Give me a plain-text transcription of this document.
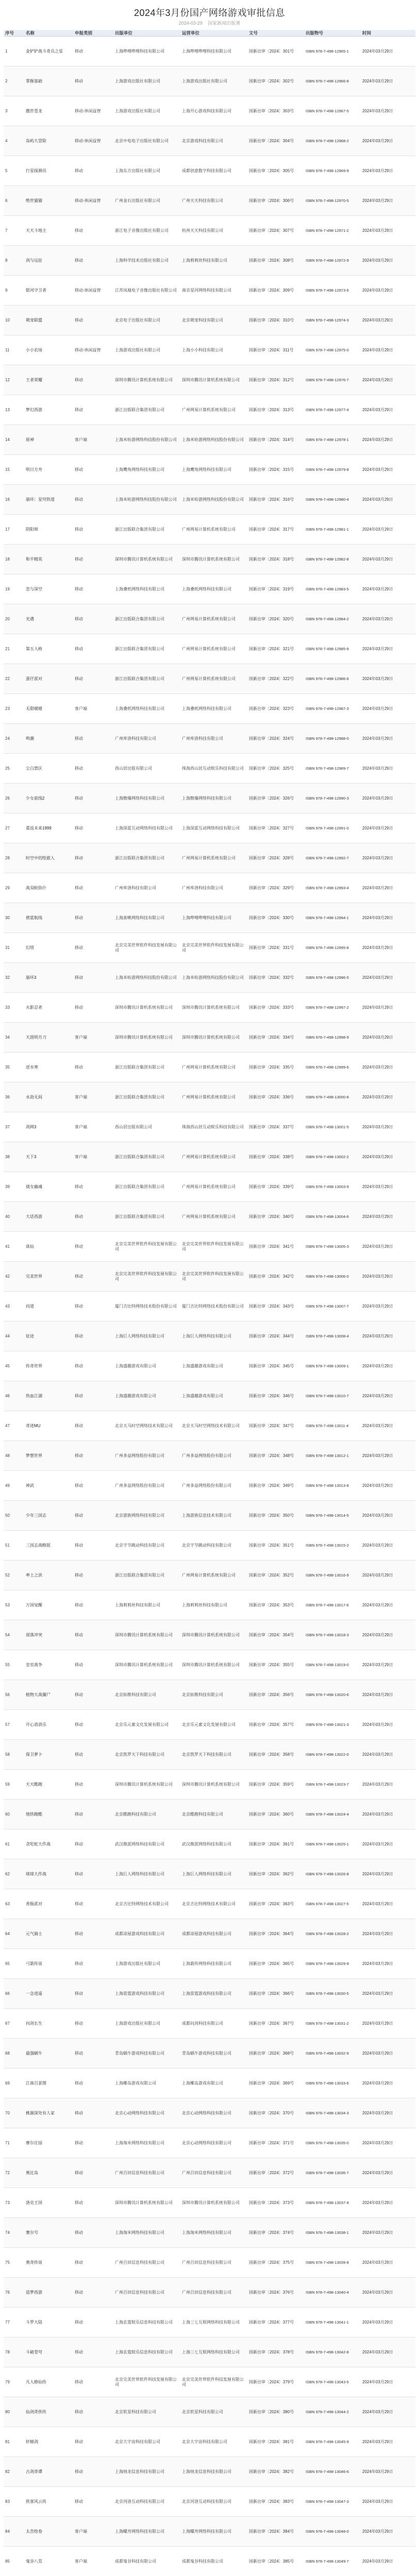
2024年3月份国产网络游戏审批信息
2024-03-29 国家新闻出版署
序号	名称	申报类别	出版单位	运营单位	文号	出版物号	时间
1	金铲铲战斗奇兵之星	移动	上海哔哩哔哩科技有限公司	上海哔哩哔哩科技有限公司	国新出审〔2024〕301号	ISBN 978-7-498-12965-1	2024年03月29日
2	掌握基础	移动	上海游戏出版社有限公司	上海游戏出版社有限公司	国新出审〔2024〕302号	ISBN 978-7-498-12966-8	2024年03月29日
3	傲世苍龙	移动-休闲益智	上海游戏出版社有限公司	上海开心游戏科技有限公司	国新出审〔2024〕303号	ISBN 978-7-498-12967-5	2024年03月29日
4	岛屿大冒险	移动-休闲益智	北京中电电子出版社有限公司	北京游戏科技有限公司	国新出审〔2024〕304号	ISBN 978-7-498-12968-2	2024年03月29日
5	行星探测员	移动	上海东方出版社有限公司	成都创意数字科技有限公司	国新出审〔2024〕305号	ISBN 978-7-498-12969-9	2024年03月29日
6	绝世猫猫	移动-休闲益智	广州金石出版社有限公司	广州天天科技有限公司	国新出审〔2024〕306号	ISBN 978-7-498-12970-5	2024年03月29日
7	天天斗地主	移动	浙江电子音像出版社有限公司	杭州天天科技有限公司	国新出审〔2024〕307号	ISBN 978-7-498-12971-2	2024年03月29日
8	剑与远征	移动	上海科学技术出版社有限公司	上海莉莉丝科技有限公司	国新出审〔2024〕308号	ISBN 978-7-498-12972-9	2024年03月29日
9	银河守卫者	移动-休闲益智	江苏凤凰电子音像出版社有限公司	南京星河网络科技有限公司	国新出审〔2024〕309号	ISBN 978-7-498-12973-6	2024年03月29日
10	萌宠联盟	移动	北京电子出版社有限公司	北京萌宠科技有限公司	国新出审〔2024〕310号	ISBN 978-7-498-12974-3	2024年03月29日
11	小小农场	移动-休闲益智	上海游戏出版社有限公司	上海小小科技有限公司	国新出审〔2024〕311号	ISBN 978-7-498-12975-0	2024年03月29日
12	王者荣耀	移动	深圳市腾讯计算机系统有限公司	深圳市腾讯计算机系统有限公司	国新出审〔2024〕312号	ISBN 978-7-498-12976-7	2024年03月29日
13	梦幻西游	移动	浙江出版联合集团有限公司	广州网易计算机系统有限公司	国新出审〔2024〕313号	ISBN 978-7-498-12977-4	2024年03月29日
14	原神	客户端	上海米哈游网络科技股份有限公司	上海米哈游网络科技股份有限公司	国新出审〔2024〕314号	ISBN 978-7-498-12978-1	2024年03月29日
15	明日方舟	移动	上海鹰角网络科技有限公司	上海鹰角网络科技有限公司	国新出审〔2024〕315号	ISBN 978-7-498-12979-8	2024年03月29日
16	崩坏：星穹铁道	移动	上海米哈游网络科技股份有限公司	上海米哈游网络科技股份有限公司	国新出审〔2024〕316号	ISBN 978-7-498-12980-4	2024年03月29日
17	阴阳师	移动	浙江出版联合集团有限公司	广州网易计算机系统有限公司	国新出审〔2024〕317号	ISBN 978-7-498-12981-1	2024年03月29日
18	和平精英	移动	深圳市腾讯计算机系统有限公司	深圳市腾讯计算机系统有限公司	国新出审〔2024〕318号	ISBN 978-7-498-12982-8	2024年03月29日
19	恋与深空	移动	上海叠纸网络科技有限公司	上海叠纸网络科技有限公司	国新出审〔2024〕319号	ISBN 978-7-498-12983-5	2024年03月29日
20	光遇	移动	浙江出版联合集团有限公司	广州网易计算机系统有限公司	国新出审〔2024〕320号	ISBN 978-7-498-12984-2	2024年03月29日
21	第五人格	移动	浙江出版联合集团有限公司	广州网易计算机系统有限公司	国新出审〔2024〕321号	ISBN 978-7-498-12985-9	2024年03月29日
22	蛋仔派对	移动	浙江出版联合集团有限公司	广州网易计算机系统有限公司	国新出审〔2024〕322号	ISBN 978-7-498-12986-6	2024年03月29日
23	无限暖暖	客户端	上海叠纸网络科技有限公司	上海叠纸网络科技有限公司	国新出审〔2024〕323号	ISBN 978-7-498-12987-3	2024年03月29日
24	鸣潮	移动	广州库洛科技有限公司	广州库洛科技有限公司	国新出审〔2024〕324号	ISBN 978-7-498-12988-0	2024年03月29日
25	尘白禁区	移动	西山居出版有限公司	珠海西山居互动娱乐科技有限公司	国新出审〔2024〕325号	ISBN 978-7-498-12989-7	2024年03月29日
26	少女前线2	移动	上海散爆网络科技有限公司	上海散爆网络科技有限公司	国新出审〔2024〕326号	ISBN 978-7-498-12990-3	2024年03月29日
27	重返未来1999	移动	上海深蓝互动网络科技有限公司	上海深蓝互动网络科技有限公司	国新出审〔2024〕327号	ISBN 978-7-498-12991-0	2024年03月29日
28	时空中的绘旅人	移动	浙江出版联合集团有限公司	广州网易计算机系统有限公司	国新出审〔2024〕328号	ISBN 978-7-498-12992-7	2024年03月29日
29	战双帕弥什	移动	广州库洛科技有限公司	广州库洛科技有限公司	国新出审〔2024〕329号	ISBN 978-7-498-12993-4	2024年03月29日
30	碧蓝航线	移动	上海蛮啾网络科技有限公司	上海哔哩哔哩科技有限公司	国新出审〔2024〕330号	ISBN 978-7-498-12994-1	2024年03月29日
31	幻塔	移动	北京完美世界软件科技发展有限公司	北京完美世界软件科技发展有限公司	国新出审〔2024〕331号	ISBN 978-7-498-12995-8	2024年03月29日
32	崩坏3	移动	上海米哈游网络科技股份有限公司	上海米哈游网络科技股份有限公司	国新出审〔2024〕332号	ISBN 978-7-498-12996-5	2024年03月29日
33	火影忍者	移动	深圳市腾讯计算机系统有限公司	深圳市腾讯计算机系统有限公司	国新出审〔2024〕333号	ISBN 978-7-498-12997-2	2024年03月29日
34	天涯明月刀	客户端	深圳市腾讯计算机系统有限公司	深圳市腾讯计算机系统有限公司	国新出审〔2024〕334号	ISBN 978-7-498-12998-9	2024年03月29日
35	逆水寒	移动	浙江出版联合集团有限公司	广州网易计算机系统有限公司	国新出审〔2024〕335号	ISBN 978-7-498-12999-6	2024年03月29日
36	永劫无间	客户端	浙江出版联合集团有限公司	广州网易计算机系统有限公司	国新出审〔2024〕336号	ISBN 978-7-498-13000-8	2024年03月29日
37	剑网3	客户端	西山居出版有限公司	珠海西山居互动娱乐科技有限公司	国新出审〔2024〕337号	ISBN 978-7-498-13001-5	2024年03月29日
38	天下3	客户端	浙江出版联合集团有限公司	广州网易计算机系统有限公司	国新出审〔2024〕338号	ISBN 978-7-498-13002-2	2024年03月29日
39	倩女幽魂	移动	浙江出版联合集团有限公司	广州网易计算机系统有限公司	国新出审〔2024〕339号	ISBN 978-7-498-13003-9	2024年03月29日
40	大话西游	移动	浙江出版联合集团有限公司	广州网易计算机系统有限公司	国新出审〔2024〕340号	ISBN 978-7-498-13004-6	2024年03月29日
41	诛仙	移动	北京完美世界软件科技发展有限公司	北京完美世界软件科技发展有限公司	国新出审〔2024〕341号	ISBN 978-7-498-13005-3	2024年03月29日
42	完美世界	移动	北京完美世界软件科技发展有限公司	北京完美世界软件科技发展有限公司	国新出审〔2024〕342号	ISBN 978-7-498-13006-0	2024年03月29日
43	问道	移动	厦门吉比特网络技术股份有限公司	厦门吉比特网络技术股份有限公司	国新出审〔2024〕343号	ISBN 978-7-498-13007-7	2024年03月29日
44	征途	移动	上海巨人网络科技有限公司	上海巨人网络科技有限公司	国新出审〔2024〕344号	ISBN 978-7-498-13008-4	2024年03月29日
45	传奇世界	移动	上海盛趣游戏有限公司	上海盛趣游戏有限公司	国新出审〔2024〕345号	ISBN 978-7-498-13009-1	2024年03月29日
46	热血江湖	移动	上海盛趣游戏有限公司	上海盛趣游戏有限公司	国新出审〔2024〕346号	ISBN 978-7-498-13010-7	2024年03月29日
47	奇迹MU	移动	北京天马时空网络技术有限公司	北京天马时空网络技术有限公司	国新出审〔2024〕347号	ISBN 978-7-498-13011-4	2024年03月29日
48	梦想世界	移动	广州多益网络股份有限公司	广州多益网络股份有限公司	国新出审〔2024〕348号	ISBN 978-7-498-13012-1	2024年03月29日
49	神武	移动	广州多益网络股份有限公司	广州多益网络股份有限公司	国新出审〔2024〕349号	ISBN 978-7-498-13013-8	2024年03月29日
50	少年三国志	移动	北京游族网络科技有限公司	上海游族信息技术有限公司	国新出审〔2024〕350号	ISBN 978-7-498-13014-5	2024年03月29日
51	三国志战略版	移动	北京字节跳动科技有限公司	北京字节跳动科技有限公司	国新出审〔2024〕351号	ISBN 978-7-498-13015-2	2024年03月29日
52	率土之滨	移动	浙江出版联合集团有限公司	广州网易计算机系统有限公司	国新出审〔2024〕352号	ISBN 978-7-498-13016-9	2024年03月29日
53	万国觉醒	移动	上海莉莉丝科技有限公司	上海莉莉丝科技有限公司	国新出审〔2024〕353号	ISBN 978-7-498-13017-6	2024年03月29日
54	部落冲突	移动	深圳市腾讯计算机系统有限公司	深圳市腾讯计算机系统有限公司	国新出审〔2024〕354号	ISBN 978-7-498-13018-3	2024年03月29日
55	皇室战争	移动	深圳市腾讯计算机系统有限公司	深圳市腾讯计算机系统有限公司	国新出审〔2024〕355号	ISBN 978-7-498-13019-0	2024年03月29日
56	植物大战僵尸	移动	北京拓维科技有限公司	北京拓维科技有限公司	国新出审〔2024〕356号	ISBN 978-7-498-13020-6	2024年03月29日
57	开心消消乐	移动	北京乐元素文化发展有限公司	北京乐元素文化发展有限公司	国新出审〔2024〕357号	ISBN 978-7-498-13021-3	2024年03月29日
58	保卫萝卜	移动	北京凯罗天下科技有限公司	北京凯罗天下科技有限公司	国新出审〔2024〕358号	ISBN 978-7-498-13022-0	2024年03月29日
59	天天酷跑	移动	深圳市腾讯计算机系统有限公司	深圳市腾讯计算机系统有限公司	国新出审〔2024〕359号	ISBN 978-7-498-13023-7	2024年03月29日
60	地铁跑酷	移动	北京酷跑科技有限公司	北京酷跑科技有限公司	国新出审〔2024〕360号	ISBN 978-7-498-13024-4	2024年03月29日
61	贪吃蛇大作战	移动	武汉微派网络科技有限公司	武汉微派网络科技有限公司	国新出审〔2024〕361号	ISBN 978-7-498-13025-1	2024年03月29日
62	球球大作战	移动	上海巨人网络科技有限公司	上海巨人网络科技有限公司	国新出审〔2024〕362号	ISBN 978-7-498-13026-8	2024年03月29日
63	香肠派对	移动	北京吉比特网络技术有限公司	北京吉比特网络技术有限公司	国新出审〔2024〕363号	ISBN 978-7-498-13027-5	2024年03月29日
64	元气骑士	移动	成都凉屋游戏科技有限公司	成都凉屋游戏科技有限公司	国新出审〔2024〕364号	ISBN 978-7-498-13028-2	2024年03月29日
65	弓箭传说	移动	上海游戏出版社有限公司	上海箭传网络科技有限公司	国新出审〔2024〕365号	ISBN 978-7-498-13029-9	2024年03月29日
66	一念逍遥	移动	上海雷霆游戏科技有限公司	上海雷霆游戏科技有限公司	国新出审〔2024〕366号	ISBN 978-7-498-13030-5	2024年03月29日
67	问剑长生	移动	上海游戏出版社有限公司	成都问剑科技有限公司	国新出审〔2024〕367号	ISBN 978-7-498-13031-2	2024年03月29日
68	最强蜗牛	移动	青岛蜗牛游戏科技有限公司	青岛蜗牛游戏科技有限公司	国新出审〔2024〕368号	ISBN 978-7-498-13032-9	2024年03月29日
69	江南百景图	移动	上海椰岛游戏有限公司	上海椰岛游戏有限公司	国新出审〔2024〕369号	ISBN 978-7-498-13033-6	2024年03月29日
70	桃源深处有人家	移动	北京心动网络科技有限公司	北京心动网络科技有限公司	国新出审〔2024〕370号	ISBN 978-7-498-13034-3	2024年03月29日
71	摩尔庄园	移动	上海淘米网络科技有限公司	北京心动网络科技有限公司	国新出审〔2024〕371号	ISBN 978-7-498-13035-0	2024年03月29日
72	奥比岛	移动	广州百田信息科技有限公司	广州百田信息科技有限公司	国新出审〔2024〕372号	ISBN 978-7-498-13036-7	2024年03月29日
73	洛克王国	移动	深圳市腾讯计算机系统有限公司	深圳市腾讯计算机系统有限公司	国新出审〔2024〕373号	ISBN 978-7-498-13037-4	2024年03月29日
74	赛尔号	移动	上海淘米网络科技有限公司	上海淘米网络科技有限公司	国新出审〔2024〕374号	ISBN 978-7-498-13038-1	2024年03月29日
75	奥奇传说	移动	广州百田信息科技有限公司	广州百田信息科技有限公司	国新出审〔2024〕375号	ISBN 978-7-498-13039-8	2024年03月29日
76	造梦西游	移动	广州百田信息科技有限公司	广州百田信息科技有限公司	国新出审〔2024〕376号	ISBN 978-7-498-13040-4	2024年03月29日
77	斗罗大陆	移动	上海玄霆娱乐信息科技有限公司	上海三七互娱网络科技有限公司	国新出审〔2024〕377号	ISBN 978-7-498-13041-1	2024年03月29日
78	斗破苍穹	移动	上海玄霆娱乐信息科技有限公司	上海三七互娱网络科技有限公司	国新出审〔2024〕378号	ISBN 978-7-498-13042-8	2024年03月29日
79	凡人修仙传	移动	北京完美世界软件科技发展有限公司	北京完美世界软件科技发展有限公司	国新出审〔2024〕379号	ISBN 978-7-498-13043-5	2024年03月29日
80	仙剑奇侠传	移动	北京软星科技有限公司	北京软星科技有限公司	国新出审〔2024〕380号	ISBN 978-7-498-13044-2	2024年03月29日
81	轩辕剑	移动	北京大宇宙科技有限公司	北京大宇宙科技有限公司	国新出审〔2024〕381号	ISBN 978-7-498-13045-9	2024年03月29日
82	古剑奇谭	移动	上海烛龙信息科技有限公司	上海烛龙信息科技有限公司	国新出审〔2024〕382号	ISBN 978-7-498-13046-6	2024年03月29日
83	侠客风云传	移动	北京河洛互动科技有限公司	北京河洛互动科技有限公司	国新出审〔2024〕383号	ISBN 978-7-498-13047-3	2024年03月29日
84	太吾绘卷	客户端	上海螺舟网络科技有限公司	上海螺舟网络科技有限公司	国新出审〔2024〕384号	ISBN 978-7-498-13048-0	2024年03月29日
85	鬼谷八荒	客户端	成都鬼谷科技有限公司	成都鬼谷科技有限公司	国新出审〔2024〕385号	ISBN 978-7-498-13049-7	2024年03月29日
